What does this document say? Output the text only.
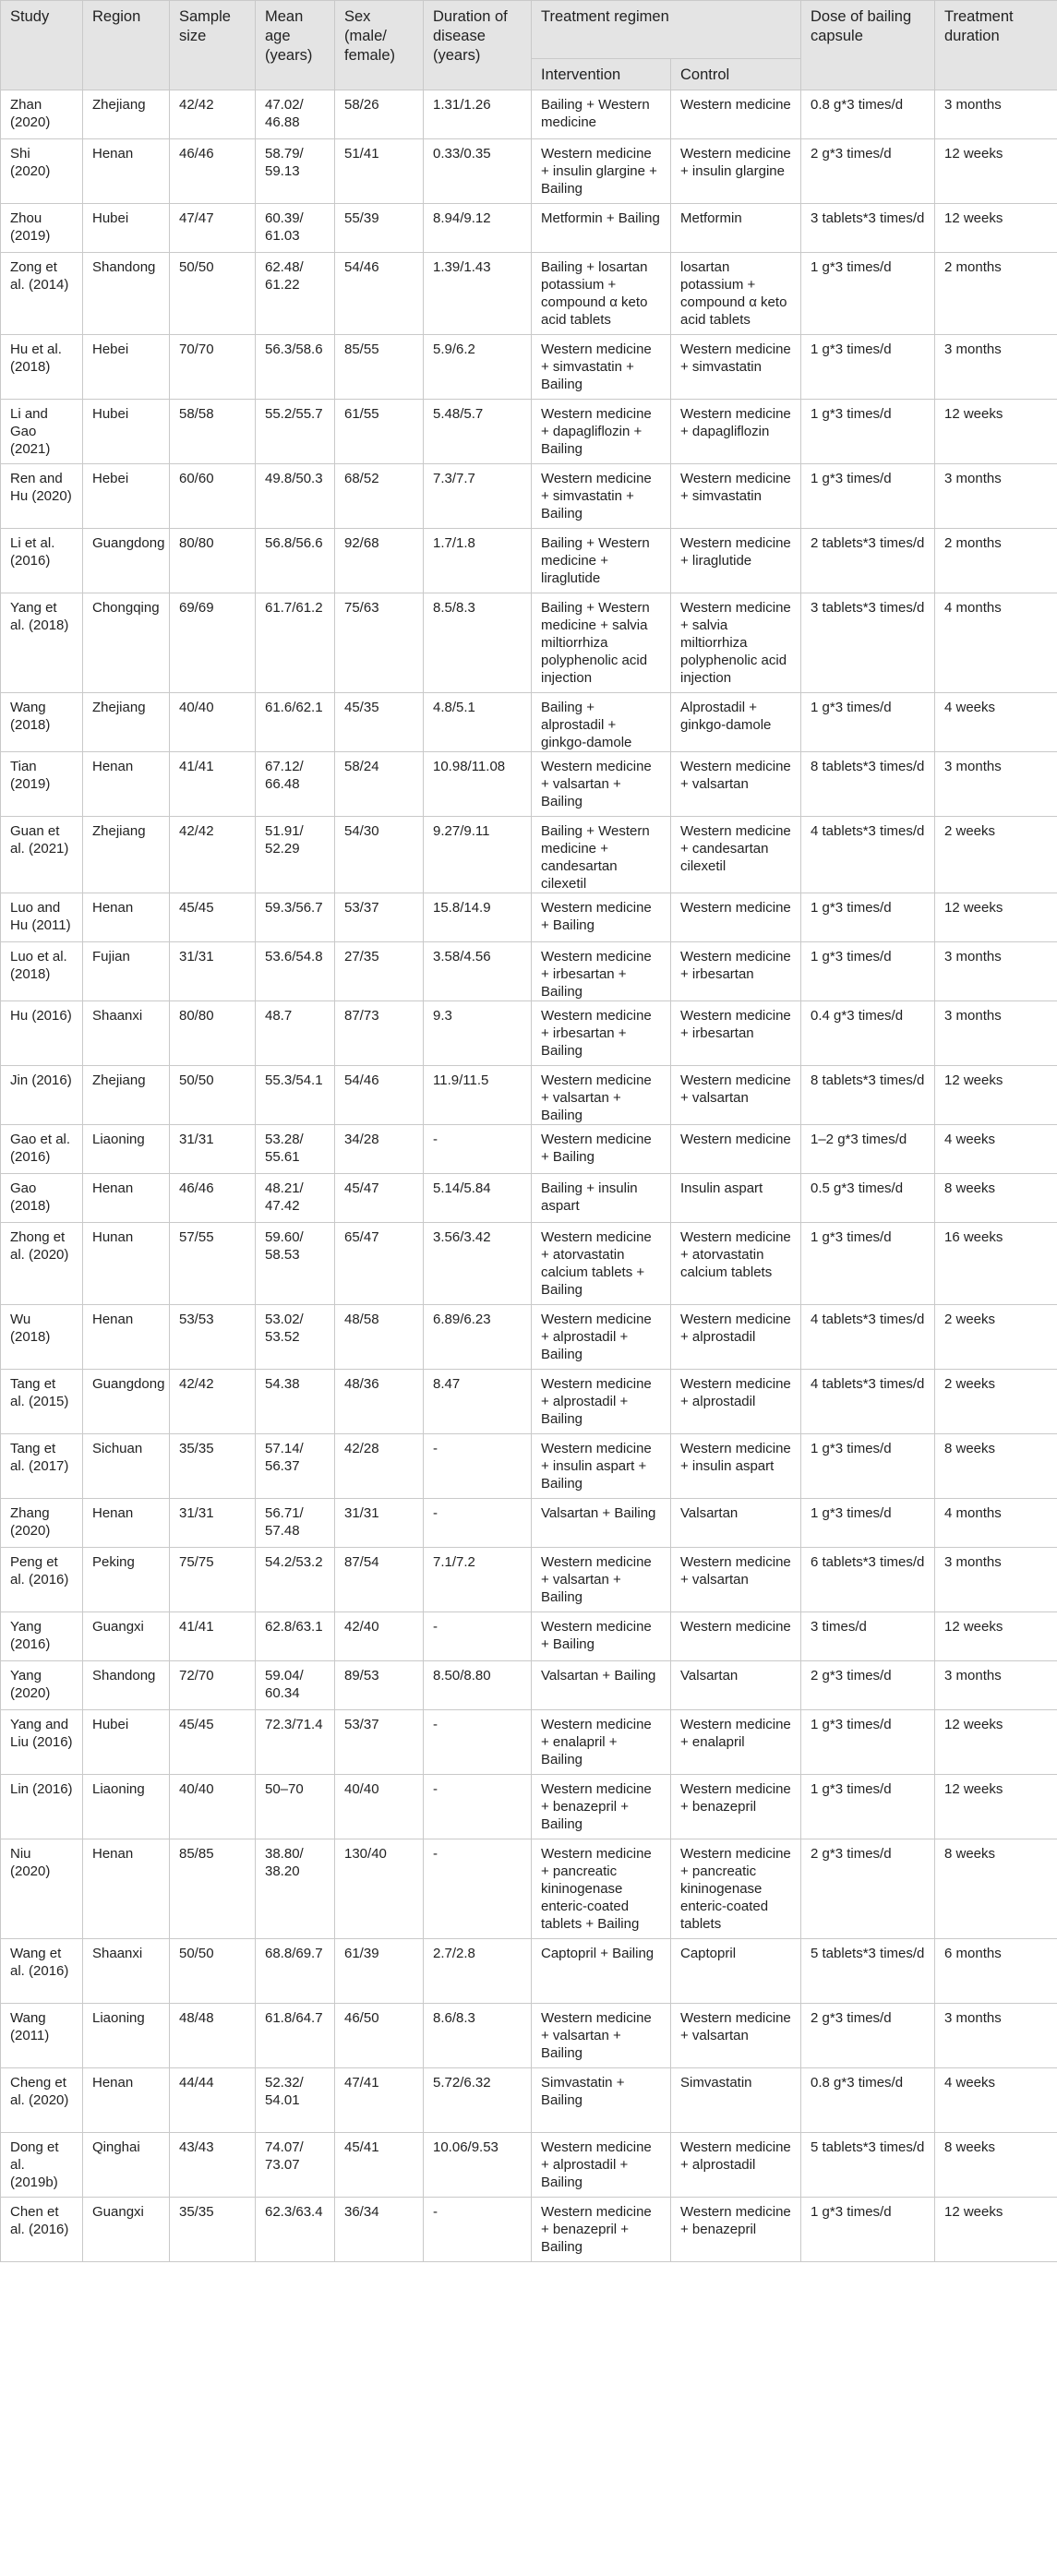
Study	Region	Sample size	Mean age (years)	Sex (male/ female)	Duration of disease (years)	Treatment regimen		Dose of bailing capsule	Treatment duration
						Intervention	Control		
Zhan (2020)	Zhejiang	42/42	47.02/ 46.88	58/26	1.31/1.26	Bailing + Western medicine	Western medicine	0.8 g*3 times/d	3 months
Shi (2020)	Henan	46/46	58.79/ 59.13	51/41	0.33/0.35	Western medicine + insulin glargine + Bailing	Western medicine + insulin glargine	2 g*3 times/d	12 weeks
Zhou (2019)	Hubei	47/47	60.39/ 61.03	55/39	8.94/9.12	Metformin + Bailing	Metformin	3 tablets*3 times/d	12 weeks
Zong et al. (2014)	Shandong	50/50	62.48/ 61.22	54/46	1.39/1.43	Bailing + losartan potassium + compound α keto acid tablets	losartan potassium + compound α keto acid tablets	1 g*3 times/d	2 months
Hu et al. (2018)	Hebei	70/70	56.3/58.6	85/55	5.9/6.2	Western medicine + simvastatin + Bailing	Western medicine + simvastatin	1 g*3 times/d	3 months
Li and Gao (2021)	Hubei	58/58	55.2/55.7	61/55	5.48/5.7	Western medicine + dapagliflozin + Bailing	Western medicine + dapagliflozin	1 g*3 times/d	12 weeks
Ren and Hu (2020)	Hebei	60/60	49.8/50.3	68/52	7.3/7.7	Western medicine + simvastatin + Bailing	Western medicine + simvastatin	1 g*3 times/d	3 months
Li et al. (2016)	Guangdong	80/80	56.8/56.6	92/68	1.7/1.8	Bailing + Western medicine + liraglutide	Western medicine + liraglutide	2 tablets*3 times/d	2 months
Yang et al. (2018)	Chongqing	69/69	61.7/61.2	75/63	8.5/8.3	Bailing + Western medicine + salvia miltiorrhiza polyphenolic acid injection	Western medicine + salvia miltiorrhiza polyphenolic acid injection	3 tablets*3 times/d	4 months
Wang (2018)	Zhejiang	40/40	61.6/62.1	45/35	4.8/5.1	Bailing + alprostadil + ginkgo-damole	Alprostadil + ginkgo-damole	1 g*3 times/d	4 weeks
Tian (2019)	Henan	41/41	67.12/ 66.48	58/24	10.98/11.08	Western medicine + valsartan + Bailing	Western medicine + valsartan	8 tablets*3 times/d	3 months
Guan et al. (2021)	Zhejiang	42/42	51.91/ 52.29	54/30	9.27/9.11	Bailing + Western medicine + candesartan cilexetil	Western medicine + candesartan cilexetil	4 tablets*3 times/d	2 weeks
Luo and Hu (2011)	Henan	45/45	59.3/56.7	53/37	15.8/14.9	Western medicine + Bailing	Western medicine	1 g*3 times/d	12 weeks
Luo et al. (2018)	Fujian	31/31	53.6/54.8	27/35	3.58/4.56	Western medicine + irbesartan + Bailing	Western medicine + irbesartan	1 g*3 times/d	3 months
Hu (2016)	Shaanxi	80/80	48.7	87/73	9.3	Western medicine + irbesartan + Bailing	Western medicine + irbesartan	0.4 g*3 times/d	3 months
Jin (2016)	Zhejiang	50/50	55.3/54.1	54/46	11.9/11.5	Western medicine + valsartan + Bailing	Western medicine + valsartan	8 tablets*3 times/d	12 weeks
Gao et al. (2016)	Liaoning	31/31	53.28/ 55.61	34/28	-	Western medicine + Bailing	Western medicine	1–2 g*3 times/d	4 weeks
Gao (2018)	Henan	46/46	48.21/ 47.42	45/47	5.14/5.84	Bailing + insulin aspart	Insulin aspart	0.5 g*3 times/d	8 weeks
Zhong et al. (2020)	Hunan	57/55	59.60/ 58.53	65/47	3.56/3.42	Western medicine + atorvastatin calcium tablets + Bailing	Western medicine + atorvastatin calcium tablets	1 g*3 times/d	16 weeks
Wu (2018)	Henan	53/53	53.02/ 53.52	48/58	6.89/6.23	Western medicine + alprostadil + Bailing	Western medicine + alprostadil	4 tablets*3 times/d	2 weeks
Tang et al. (2015)	Guangdong	42/42	54.38	48/36	8.47	Western medicine + alprostadil + Bailing	Western medicine + alprostadil	4 tablets*3 times/d	2 weeks
Tang et al. (2017)	Sichuan	35/35	57.14/ 56.37	42/28	-	Western medicine + insulin aspart + Bailing	Western medicine + insulin aspart	1 g*3 times/d	8 weeks
Zhang (2020)	Henan	31/31	56.71/ 57.48	31/31	-	Valsartan + Bailing	Valsartan	1 g*3 times/d	4 months
Peng et al. (2016)	Peking	75/75	54.2/53.2	87/54	7.1/7.2	Western medicine + valsartan + Bailing	Western medicine + valsartan	6 tablets*3 times/d	3 months
Yang (2016)	Guangxi	41/41	62.8/63.1	42/40	-	Western medicine + Bailing	Western medicine	3 times/d	12 weeks
Yang (2020)	Shandong	72/70	59.04/ 60.34	89/53	8.50/8.80	Valsartan + Bailing	Valsartan	2 g*3 times/d	3 months
Yang and Liu (2016)	Hubei	45/45	72.3/71.4	53/37	-	Western medicine + enalapril + Bailing	Western medicine + enalapril	1 g*3 times/d	12 weeks
Lin (2016)	Liaoning	40/40	50–70	40/40	-	Western medicine + benazepril + Bailing	Western medicine + benazepril	1 g*3 times/d	12 weeks
Niu (2020)	Henan	85/85	38.80/ 38.20	130/40	-	Western medicine + pancreatic kininogenase enteric-coated tablets + Bailing	Western medicine + pancreatic kininogenase enteric-coated tablets	2 g*3 times/d	8 weeks
Wang et al. (2016)	Shaanxi	50/50	68.8/69.7	61/39	2.7/2.8	Captopril + Bailing	Captopril	5 tablets*3 times/d	6 months
Wang (2011)	Liaoning	48/48	61.8/64.7	46/50	8.6/8.3	Western medicine + valsartan + Bailing	Western medicine + valsartan	2 g*3 times/d	3 months
Cheng et al. (2020)	Henan	44/44	52.32/ 54.01	47/41	5.72/6.32	Simvastatin + Bailing	Simvastatin	0.8 g*3 times/d	4 weeks
Dong et al. (2019b)	Qinghai	43/43	74.07/ 73.07	45/41	10.06/9.53	Western medicine + alprostadil + Bailing	Western medicine + alprostadil	5 tablets*3 times/d	8 weeks
Chen et al. (2016)	Guangxi	35/35	62.3/63.4	36/34	-	Western medicine + benazepril + Bailing	Western medicine + benazepril	1 g*3 times/d	12 weeks
